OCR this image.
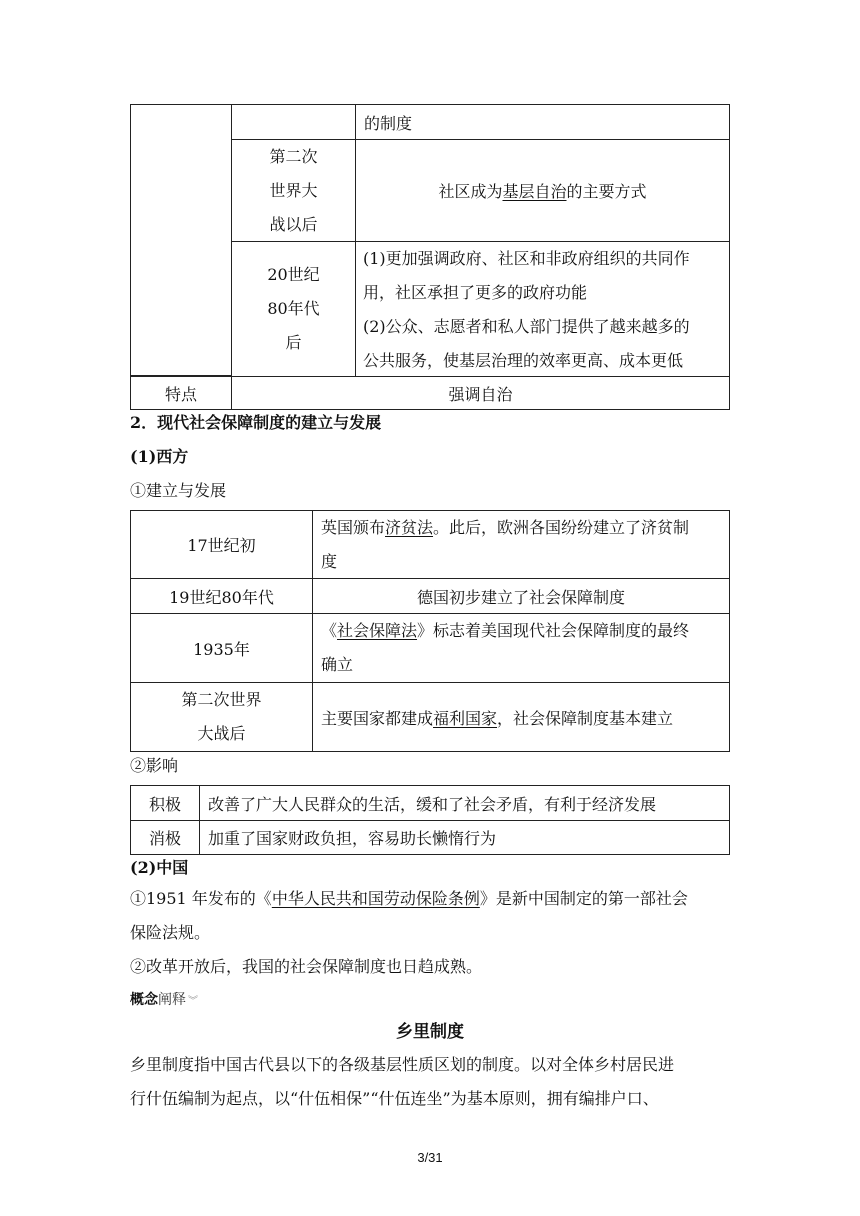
的制度
第二次
世界大
战以后
社区成为基层自治的主要方式
20世纪
80年代
后
(1)更加强调政府、社区和非政府组织的共同作
用，社区承担了更多的政府功能
(2)公众、志愿者和私人部门提供了越来越多的
公共服务，使基层治理的效率更高、成本更低
特点	强调自治
2．现代社会保障制度的建立与发展
(1)西方
①建立与发展
17世纪初
英国颁布济贫法。此后，欧洲各国纷纷建立了济贫制
度
19世纪80年代	德国初步建立了社会保障制度
1935年
《社会保障法》标志着美国现代社会保障制度的最终
确立
第二次世界
大战后
主要国家都建成福利国家，社会保障制度基本建立
②影响
积极 改善了广大人民群众的生活，缓和了社会矛盾，有利于经济发展
消极 加重了国家财政负担，容易助长懒惰行为
(2)中国
①1951 年发布的《中华人民共和国劳动保险条例》是新中国制定的第一部社会
保险法规。
②改革开放后，我国的社会保障制度也日趋成熟。
概念阐释 ︾
乡里制度
乡里制度指中国古代县以下的各级基层性质区划的制度。以对全体乡村居民进
行什伍编制为起点，以“什伍相保”“什伍连坐”为基本原则，拥有编排户口、
3/31
